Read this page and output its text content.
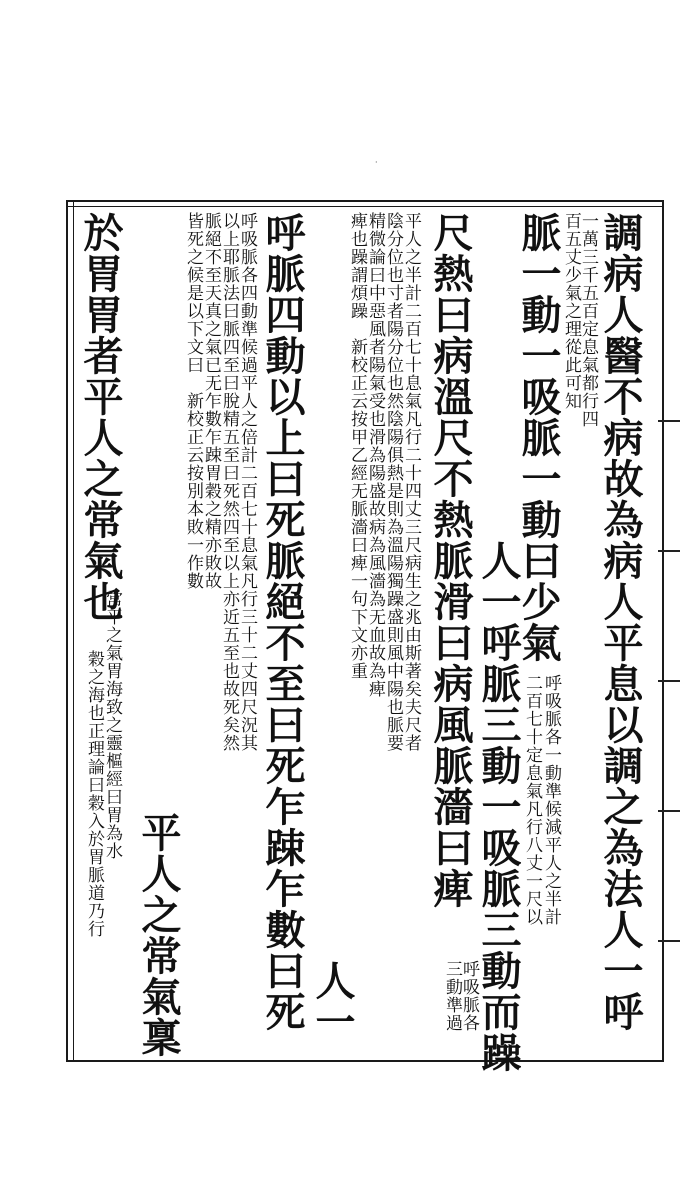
·
調病人醫不病故為病人平息以調之為法人一呼
一萬三千五百定息氣都行四
百五丈少氣之理從此可知
脈一動一吸脈一動曰少氣
呼吸脈各一動準候減平人之半計
二百七十定息氣凡行八丈一尺以
人一呼脈三動一吸脈三動而躁
尺熱曰病溫尺不熱脈滑曰病風脈濇曰痺
呼吸脈各
三動準過
平人之半計二百七十息氣凡行二十四丈三尺病生之兆由斯著矣夫尺者
陰分位也寸者陽分位也然陰陽俱熱是則為溫陽獨躁盛則風中陽也脈要
精微論曰中惡風者陽氣受也滑為陽盛故病為風濇為无血故為痺
痺也躁謂煩躁　新校正云按甲乙經无脈濇曰痺一句下文亦重
呼脈四動以上曰死脈絕不至曰死乍踈乍數曰死 人一
呼吸脈各四動準候過平人之倍計二百七十息氣凡行三十二丈四尺況其
以上耶脈法曰脈四至曰脫精五至曰死然四至以上亦近五至也故死矣然
脈絕不至天真之氣已无乍數乍踈胃穀之精亦敗故
皆死之候是以下文曰　新校正云按別本敗一作數
於胃胃者平人之常氣也
常平之氣胃海致之靈樞經曰胃為水
穀之海也正理論曰穀入於胃脈道乃行 平人之常氣稟
